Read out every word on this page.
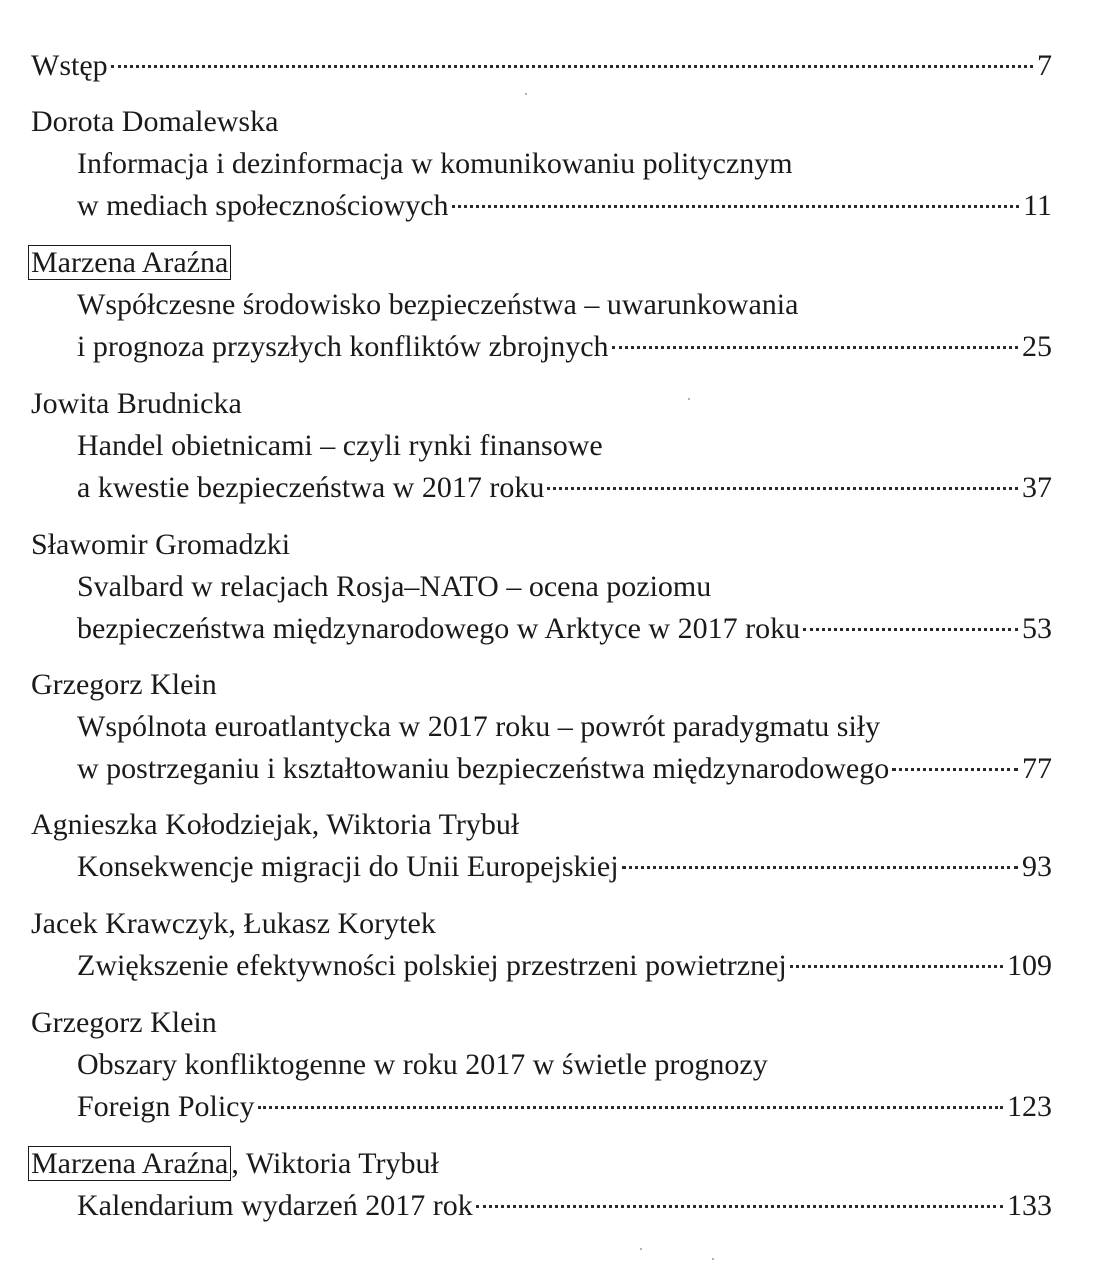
Wstęp	7
Dorota Domalewska
Informacja i dezinformacja w komunikowaniu politycznym
w mediach społecznościowych	11
Marzena Araźna
Współczesne środowisko bezpieczeństwa – uwarunkowania
i prognoza przyszłych konfliktów zbrojnych	25
Jowita Brudnicka
Handel obietnicami – czyli rynki finansowe
a kwestie bezpieczeństwa w 2017 roku	37
Sławomir Gromadzki
Svalbard w relacjach Rosja–NATO – ocena poziomu
bezpieczeństwa międzynarodowego w Arktyce w 2017 roku	53
Grzegorz Klein
Wspólnota euroatlantycka w 2017 roku – powrót paradygmatu siły
w postrzeganiu i kształtowaniu bezpieczeństwa międzynarodowego	77
Agnieszka Kołodziejak, Wiktoria Trybuł
Konsekwencje migracji do Unii Europejskiej	93
Jacek Krawczyk, Łukasz Korytek
Zwiększenie efektywności polskiej przestrzeni powietrznej	109
Grzegorz Klein
Obszary konfliktogenne w roku 2017 w świetle prognozy
Foreign Policy	123
Marzena Araźna , Wiktoria Trybuł
Kalendarium wydarzeń 2017 rok	133
